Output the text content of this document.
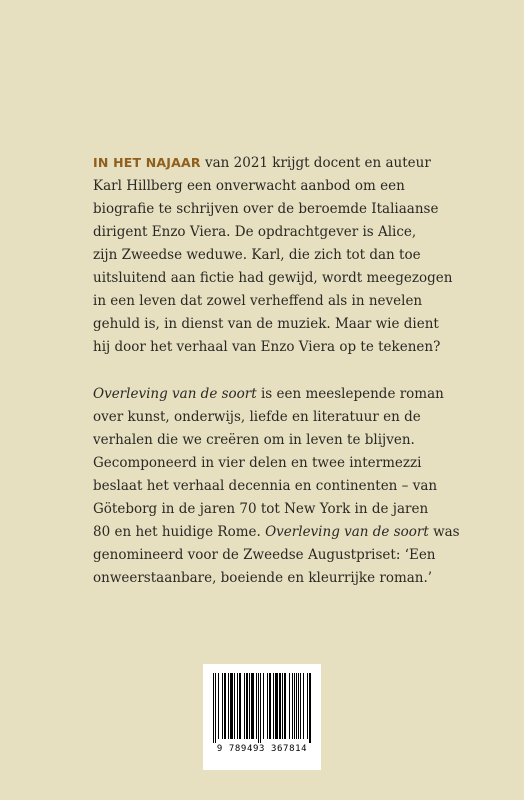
IN HET NAJAAR van 2021 krijgt docent en auteur
Karl Hillberg een onverwacht aanbod om een
biografie te schrijven over de beroemde Italiaanse
dirigent Enzo Viera. De opdrachtgever is Alice,
zijn Zweedse weduwe. Karl, die zich tot dan toe
uitsluitend aan fictie had gewijd, wordt meegezogen
in een leven dat zowel verheffend als in nevelen
gehuld is, in dienst van de muziek. Maar wie dient
hij door het verhaal van Enzo Viera op te tekenen?
Overleving van de soort is een meeslepende roman
over kunst, onderwijs, liefde en literatuur en de
verhalen die we creëren om in leven te blijven.
Gecomponeerd in vier delen en twee intermezzi
beslaat het verhaal decennia en continenten – van
Göteborg in de jaren 70 tot New York in de jaren
80 en het huidige Rome. Overleving van de soort was
genomineerd voor de Zweedse Augustpriset: ‘Een
onweerstaanbare, boeiende en kleurrijke roman.’
9 789493 367814
